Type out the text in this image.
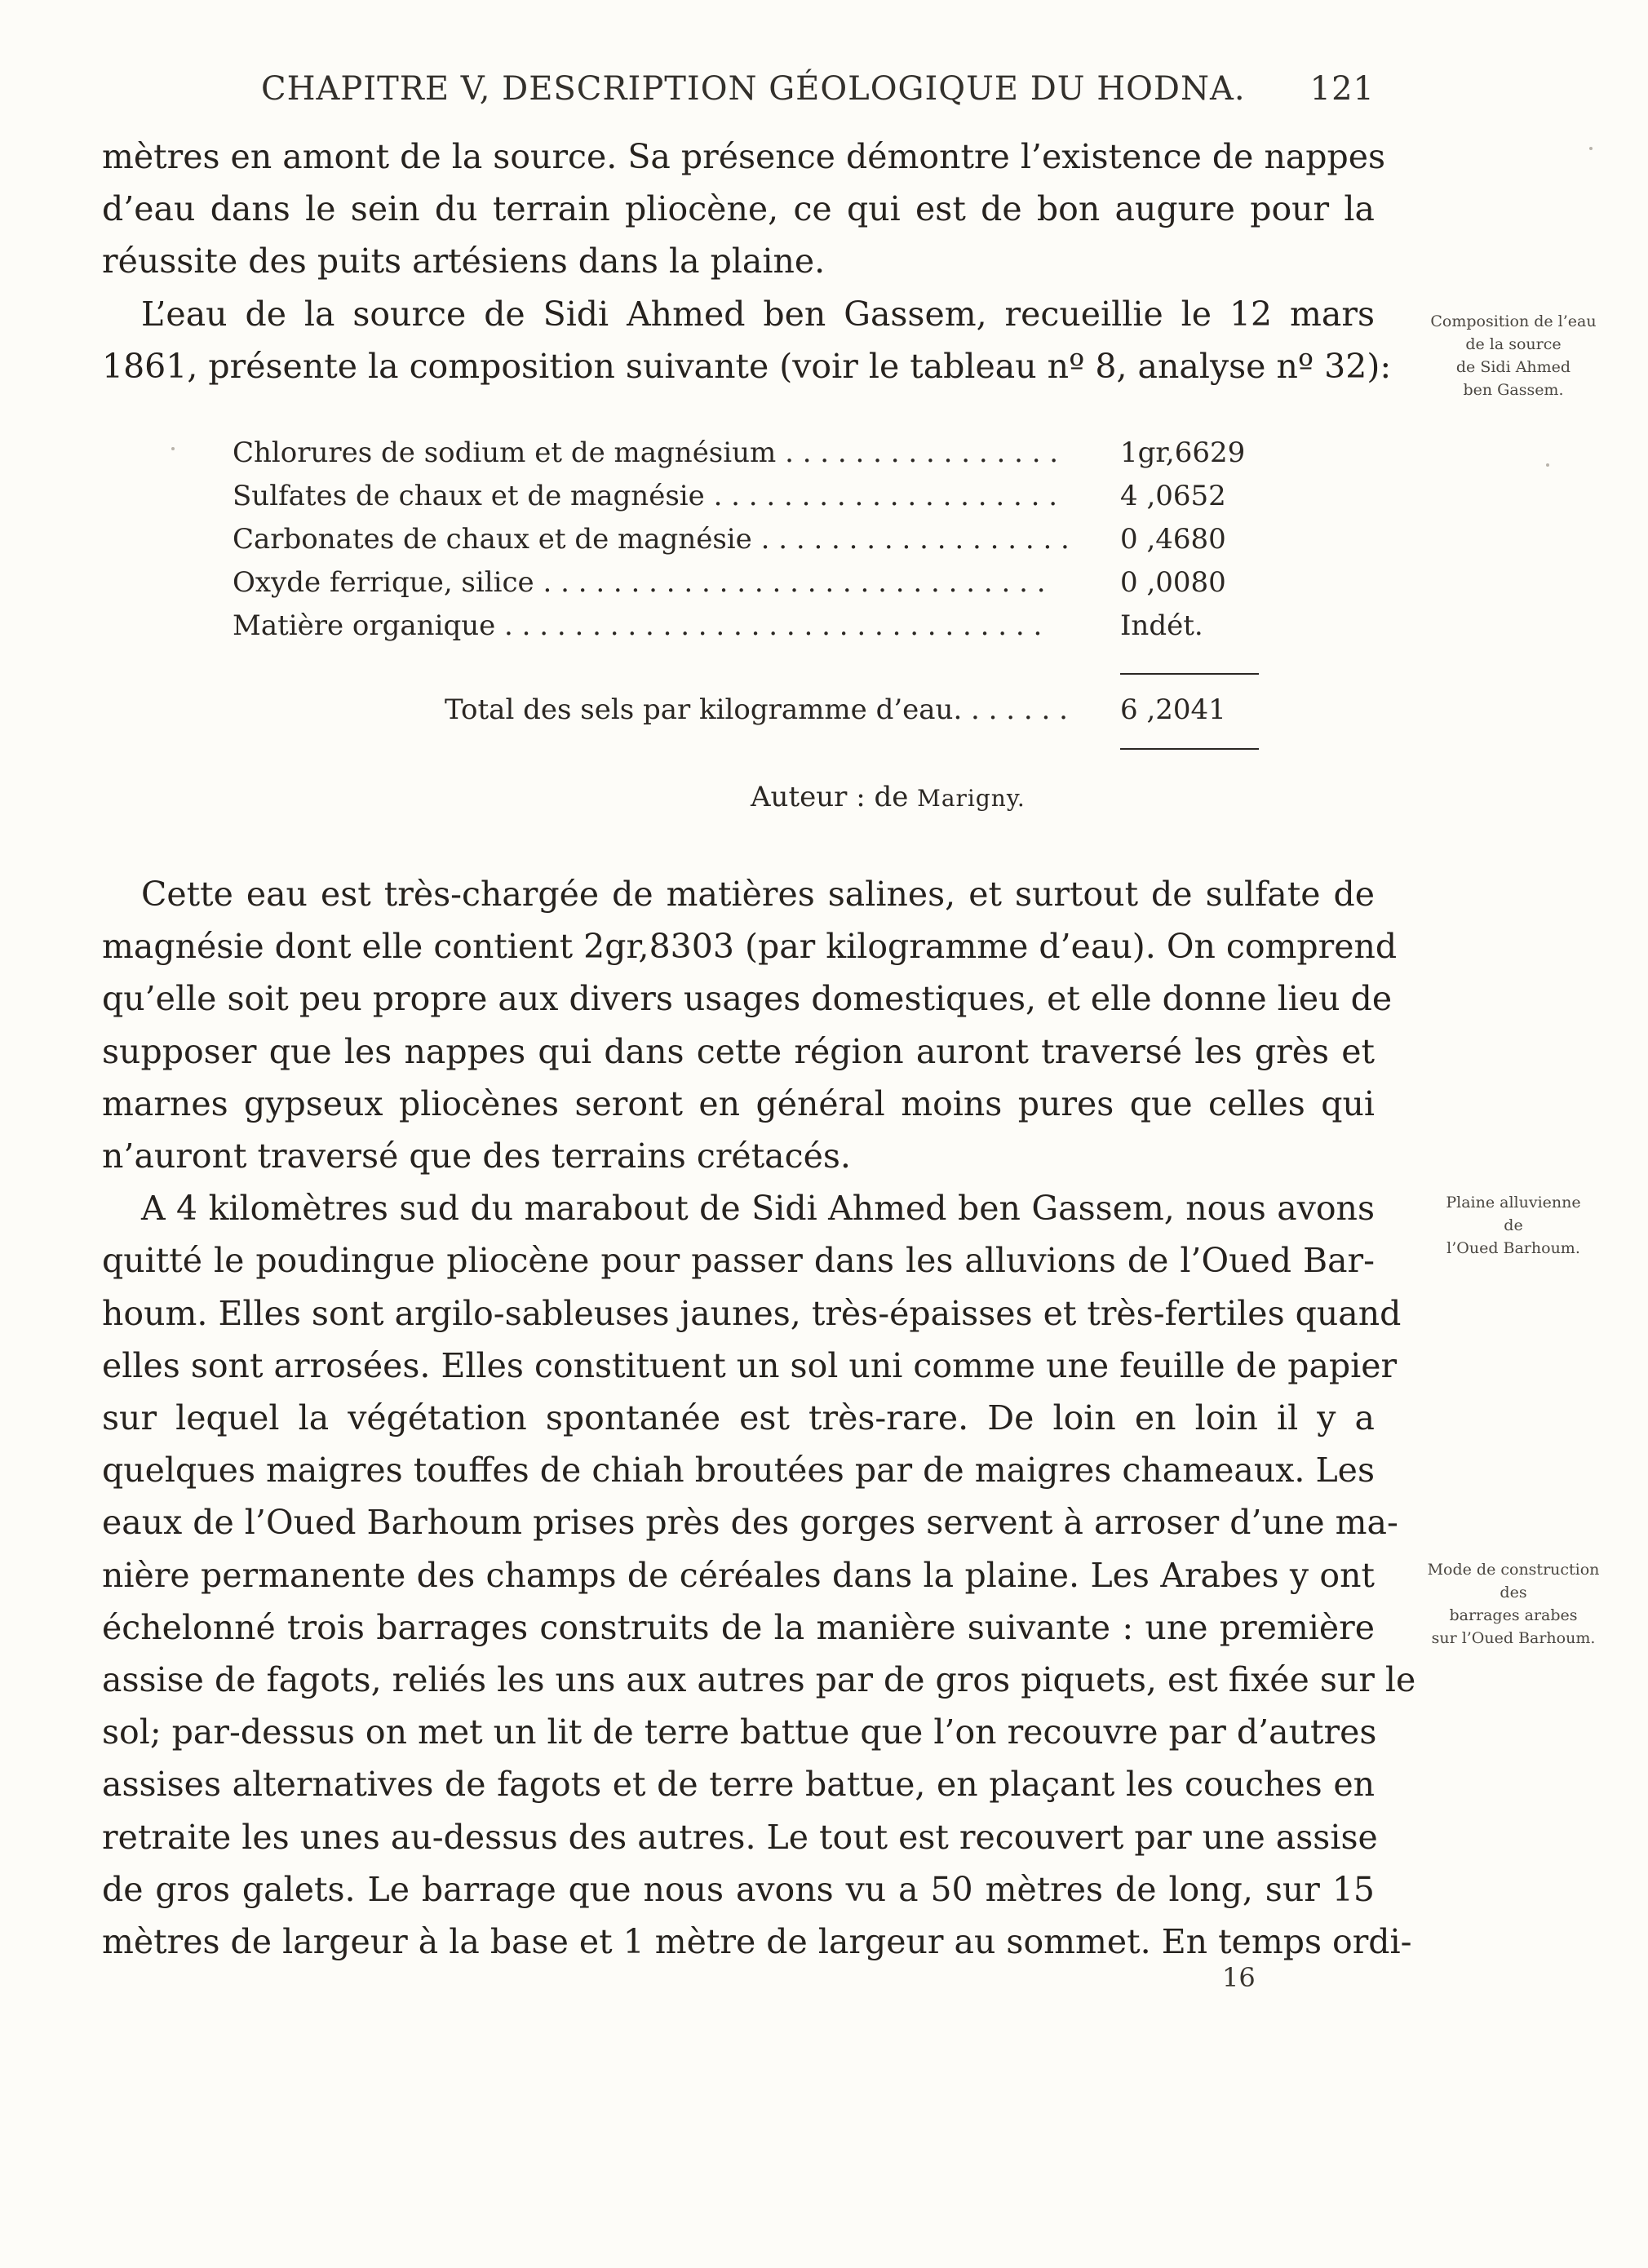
CHAPITRE V, DESCRIPTION GÉOLOGIQUE DU HODNA. 121
mètres en amont de la source. Sa présence démontre l’existence de nappes
d’eau dans le sein du terrain pliocène, ce qui est de bon augure pour la
réussite des puits artésiens dans la plaine.
L’eau de la source de Sidi Ahmed ben Gassem, recueillie le 12 mars
1861, présente la composition suivante (voir le tableau nº 8, analyse nº 32):
Chlorures de sodium et de magnésium . . . . . . . . . . . . . . . . 1gr,6629
Sulfates de chaux et de magnésie . . . . . . . . . . . . . . . . . . . . 4 ,0652
Carbonates de chaux et de magnésie . . . . . . . . . . . . . . . . . . 0 ,4680
Oxyde ferrique, silice . . . . . . . . . . . . . . . . . . . . . . . . . . . . .	0 ,0080
Matière organique . . . . . . . . . . . . . . . . . . . . . . . . . . . . . . .	Indét.
Total des sels par kilogramme d’eau. . . . . . . 6 ,2041
Auteur : de Marigny.
Cette eau est très-chargée de matières salines, et surtout de sulfate de
magnésie dont elle contient 2gr,8303 (par kilogramme d’eau). On comprend
qu’elle soit peu propre aux divers usages domestiques, et elle donne lieu de
supposer que les nappes qui dans cette région auront traversé les grès et
marnes gypseux pliocènes seront en général moins pures que celles qui
n’auront traversé que des terrains crétacés.
A 4 kilomètres sud du marabout de Sidi Ahmed ben Gassem, nous avons
quitté le poudingue pliocène pour passer dans les alluvions de l’Oued Bar-
houm. Elles sont argilo-sableuses jaunes, très-épaisses et très-fertiles quand
elles sont arrosées. Elles constituent un sol uni comme une feuille de papier
sur lequel la végétation spontanée est très-rare. De loin en loin il y a
quelques maigres touffes de chiah broutées par de maigres chameaux. Les
eaux de l’Oued Barhoum prises près des gorges servent à arroser d’une ma-
nière permanente des champs de céréales dans la plaine. Les Arabes y ont
échelonné trois barrages construits de la manière suivante : une première
assise de fagots, reliés les uns aux autres par de gros piquets, est fixée sur le
sol; par-dessus on met un lit de terre battue que l’on recouvre par d’autres
assises alternatives de fagots et de terre battue, en plaçant les couches en
retraite les unes au-dessus des autres. Le tout est recouvert par une assise
de gros galets. Le barrage que nous avons vu a 50 mètres de long, sur 15
mètres de largeur à la base et 1 mètre de largeur au sommet. En temps ordi-
Composition de l’eau
de la source
de Sidi Ahmed
ben Gassem.
Plaine alluvienne
de
l’Oued Barhoum.
Mode de construction
des
barrages arabes
sur l’Oued Barhoum.
16
